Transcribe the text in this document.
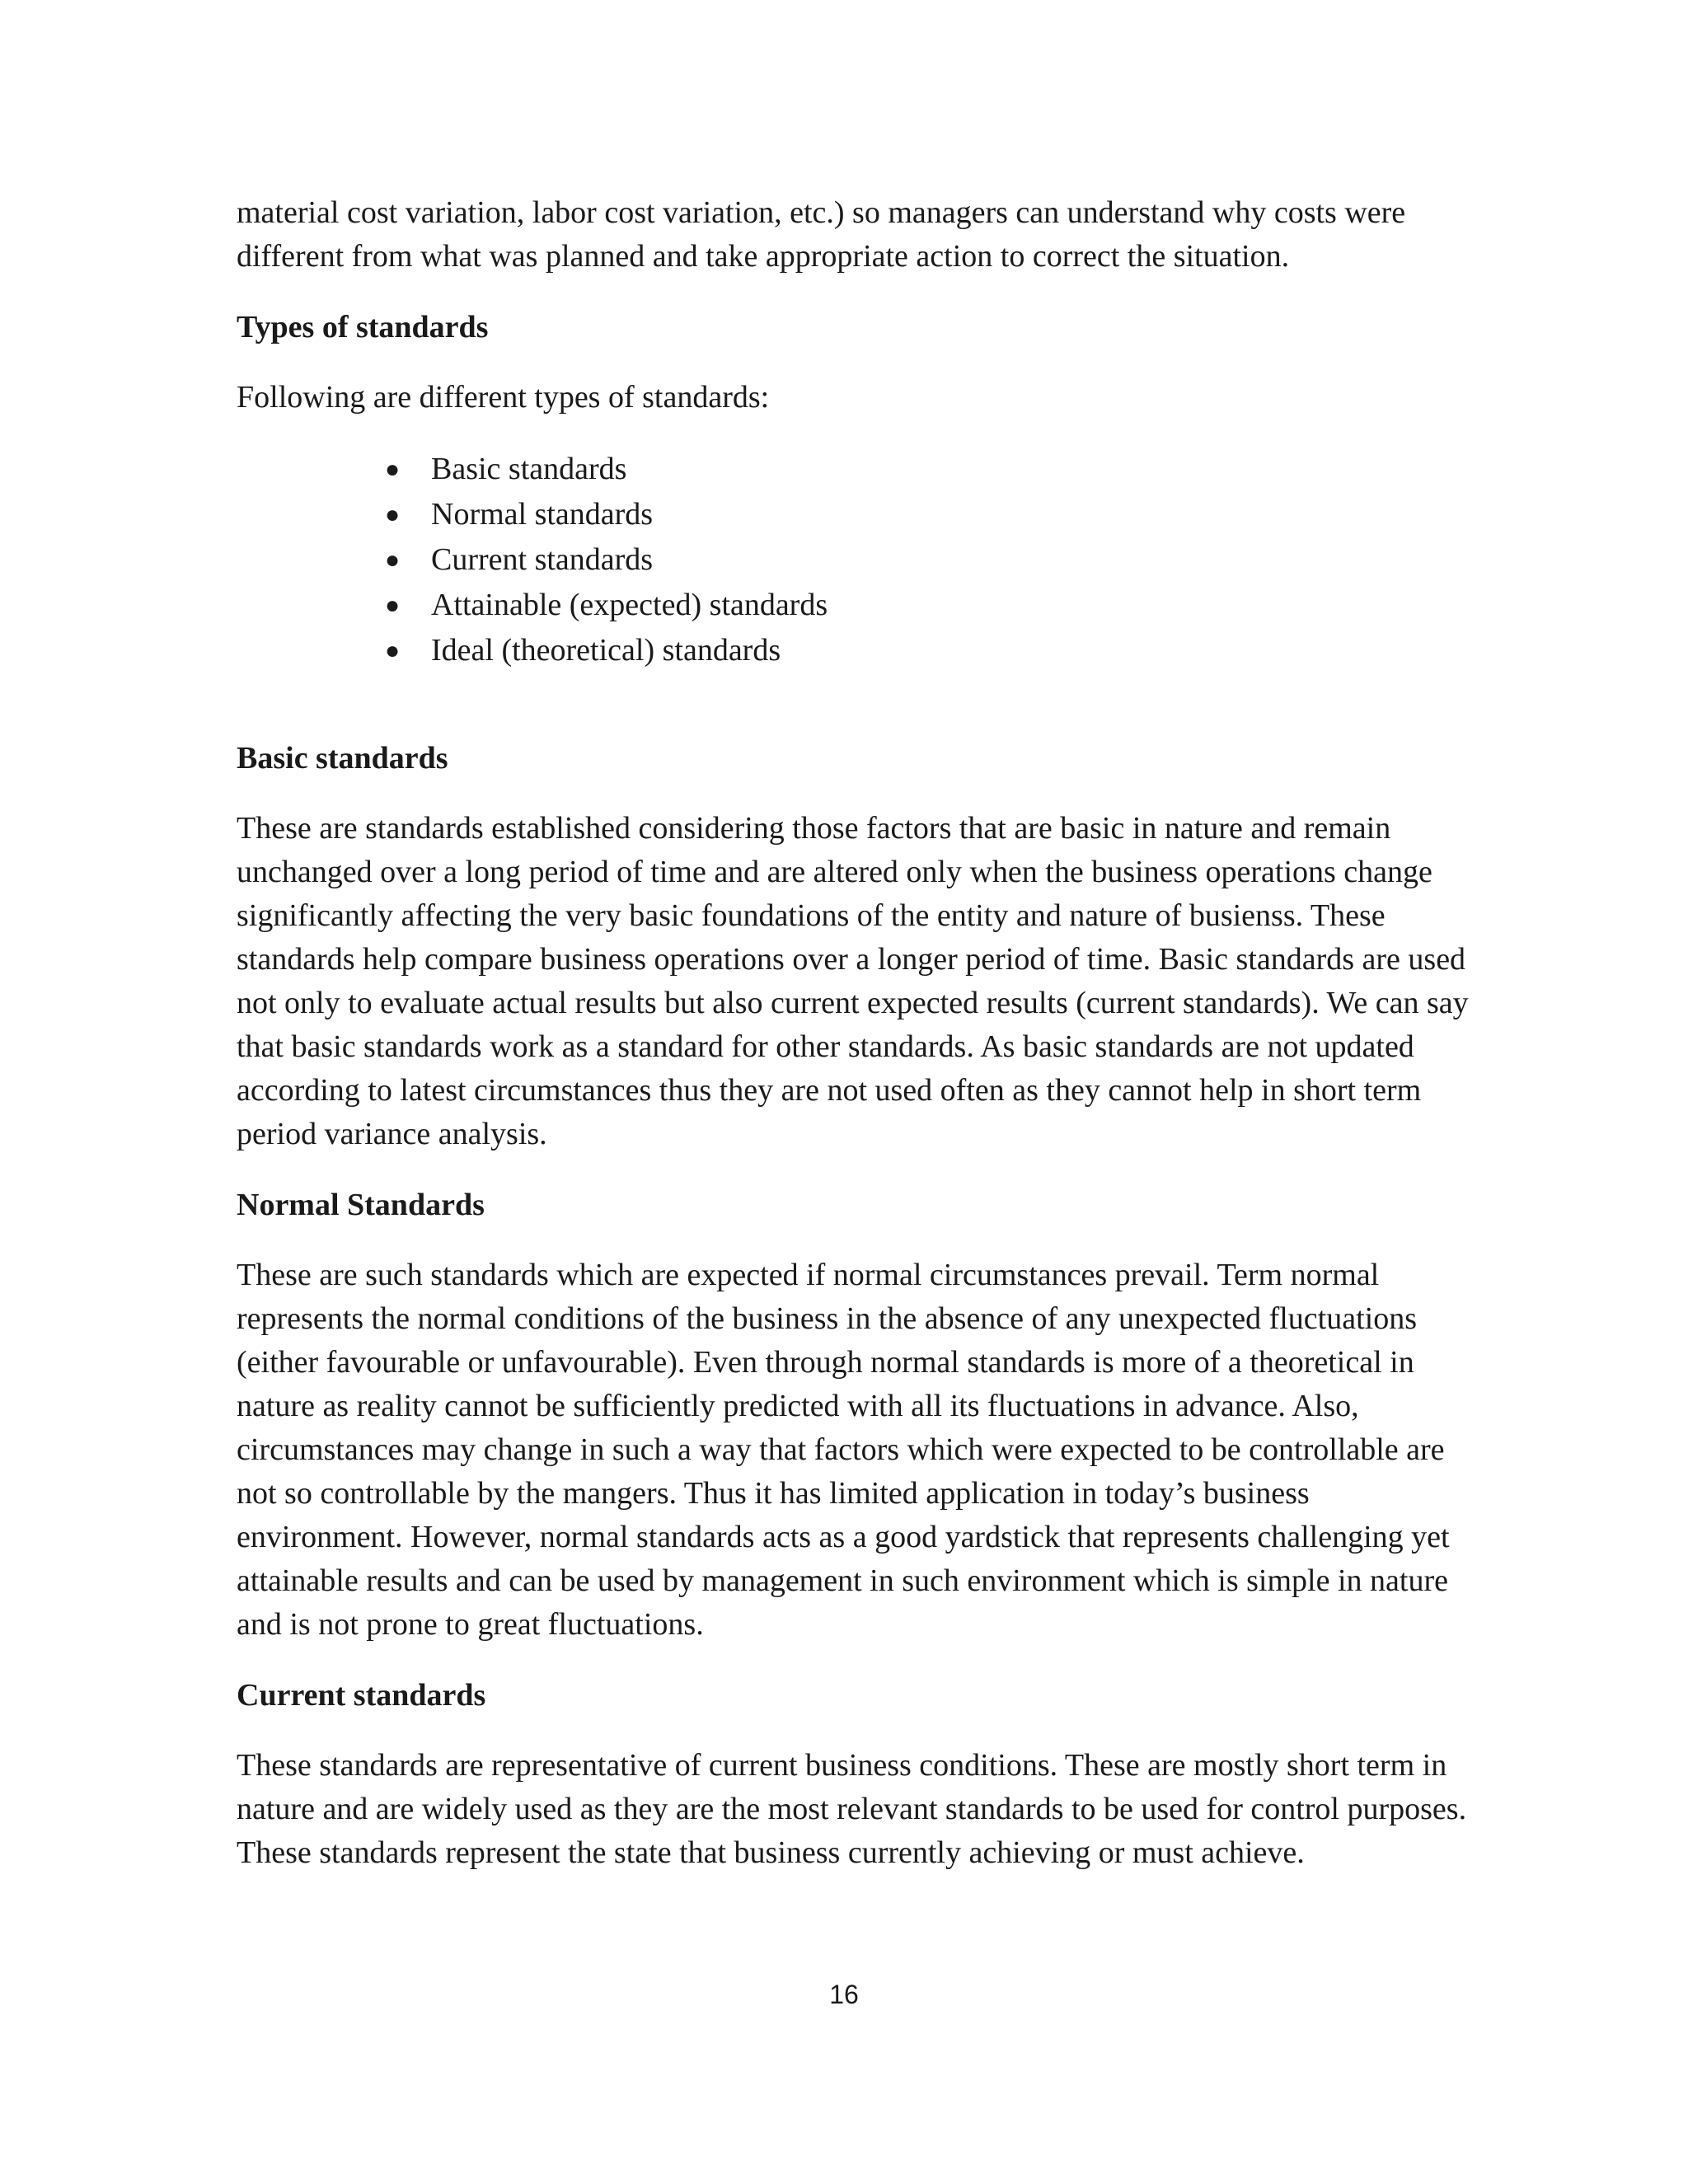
material cost variation, labor cost variation, etc.) so managers can understand why costs were different from what was planned and take appropriate action to correct the situation.

Types of standards

Following are different types of standards:

● Basic standards
● Normal standards
● Current standards
● Attainable (expected) standards
● Ideal (theoretical) standards
Basic standards

These are standards established considering those factors that are basic in nature and remain unchanged over a long period of time and are altered only when the business operations change significantly affecting the very basic foundations of the entity and nature of busienss. These standards help compare business operations over a longer period of time. Basic standards are used not only to evaluate actual results but also current expected results (current standards). We can say that basic standards work as a standard for other standards. As basic standards are not updated according to latest circumstances thus they are not used often as they cannot help in short term period variance analysis.

Normal Standards

These are such standards which are expected if normal circumstances prevail. Term normal represents the normal conditions of the business in the absence of any unexpected fluctuations (either favourable or unfavourable). Even through normal standards is more of a theoretical in nature as reality cannot be sufficiently predicted with all its fluctuations in advance. Also, circumstances may change in such a way that factors which were expected to be controllable are not so controllable by the mangers. Thus it has limited application in today’s business environment. However, normal standards acts as a good yardstick that represents challenging yet attainable results and can be used by management in such environment which is simple in nature and is not prone to great fluctuations.

Current standards

These standards are representative of current business conditions. These are mostly short term in nature and are widely used as they are the most relevant standards to be used for control purposes. These standards represent the state that business currently achieving or must achieve.

16
